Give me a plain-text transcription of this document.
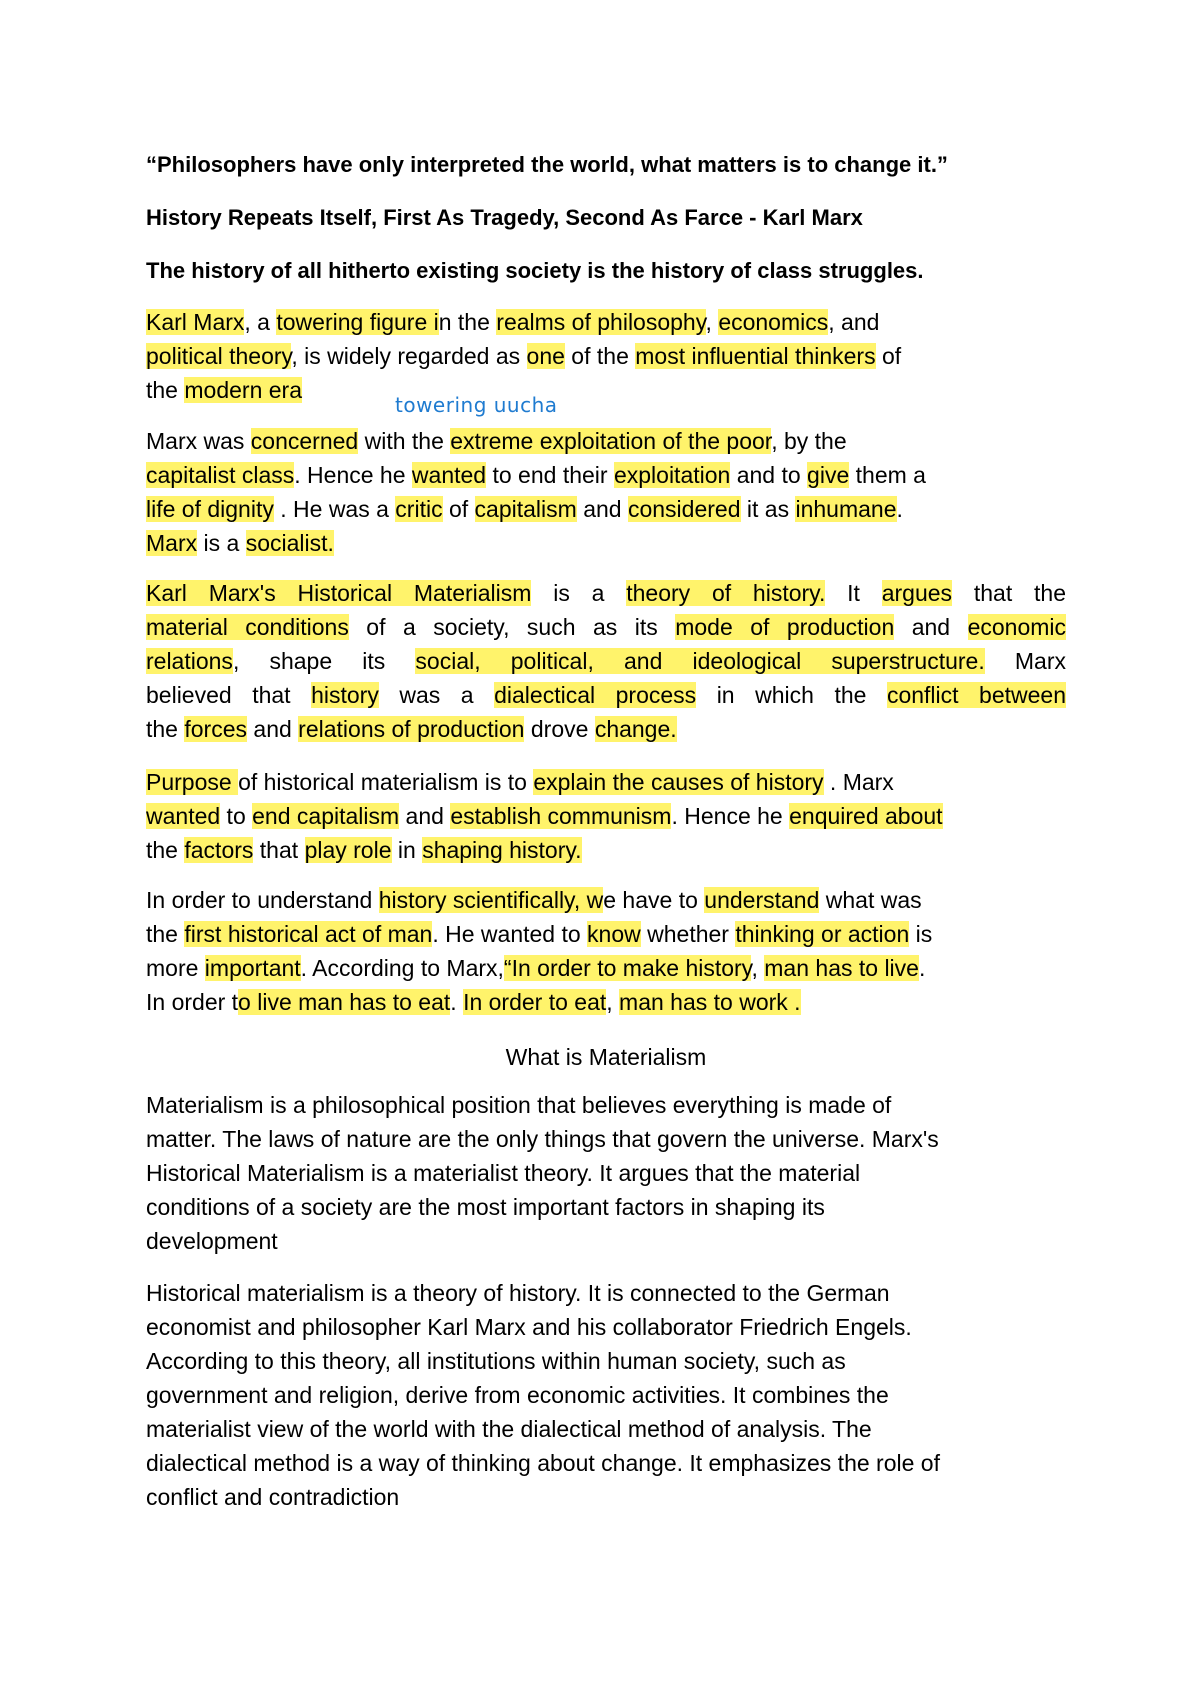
“Philosophers have only interpreted the world, what matters is to change it.”
History Repeats Itself, First As Tragedy, Second As Farce - Karl Marx
The history of all hitherto existing society is the history of class struggles.
towering uucha
Karl Marx, a towering figure in the realms of philosophy, economics, and
political theory, is widely regarded as one of the most influential thinkers of
the modern era
Marx was concerned with the extreme exploitation of the poor, by the
capitalist class. Hence he wanted to end their exploitation and to give them a
life of dignity . He was a critic of capitalism and considered it as inhumane.
Marx is a socialist.
Karl Marx's Historical Materialism is a theory of history. It argues that the
material conditions of a society, such as its mode of production and economic
relations, shape its social, political, and ideological superstructure. Marx
believed that history was a dialectical process in which the conflict between
the forces and relations of production drove change.
Purpose of historical materialism is to explain the causes of history . Marx
wanted to end capitalism and establish communism. Hence he enquired about
the factors that play role in shaping history.
In order to understand history scientifically, we have to understand what was
the first historical act of man. He wanted to know whether thinking or action is
more important. According to Marx,“In order to make history, man has to live.
In order to live man has to eat. In order to eat, man has to work .
What is Materialism
Materialism is a philosophical position that believes everything is made of
matter. The laws of nature are the only things that govern the universe. Marx's
Historical Materialism is a materialist theory. It argues that the material
conditions of a society are the most important factors in shaping its
development
Historical materialism is a theory of history. It is connected to the German
economist and philosopher Karl Marx and his collaborator Friedrich Engels.
According to this theory, all institutions within human society, such as
government and religion, derive from economic activities. It combines the
materialist view of the world with the dialectical method of analysis. The
dialectical method is a way of thinking about change. It emphasizes the role of
conflict and contradiction
